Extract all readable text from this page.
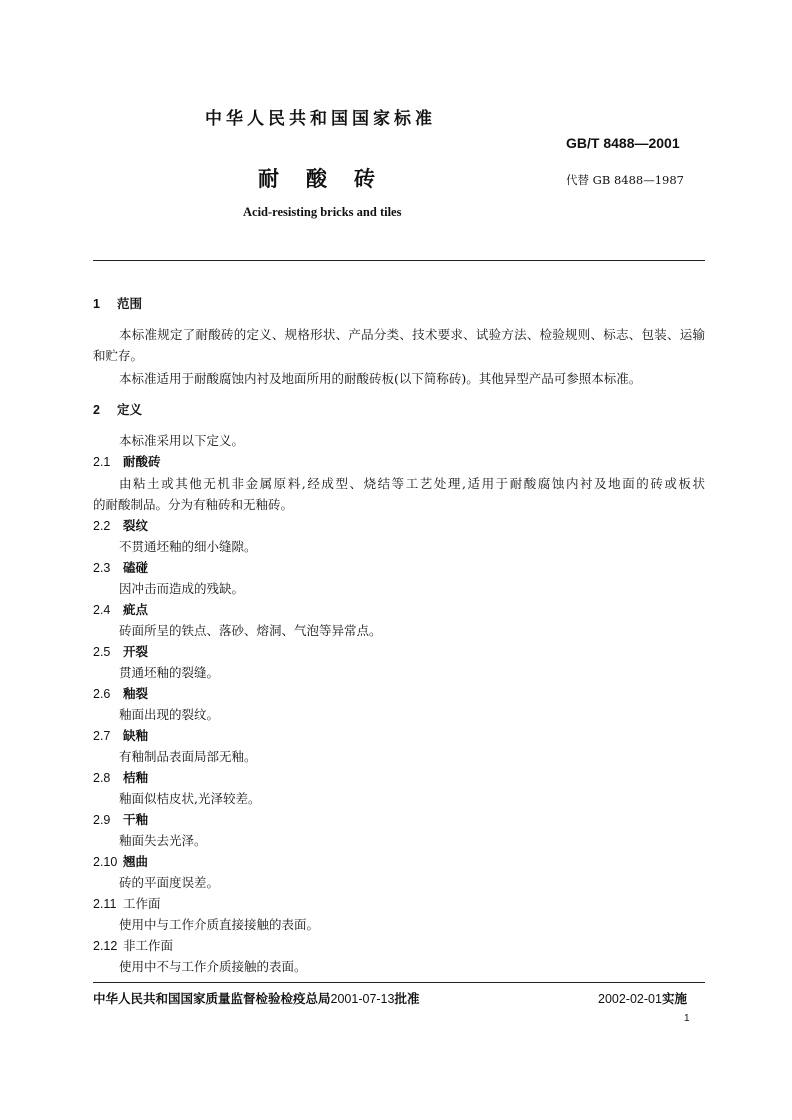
中华人民共和国国家标准
GB/T 8488—2001
耐酸砖	代替 GB 8488—1987
Acid-resisting bricks and tiles
1 范围
本标准规定了耐酸砖的定义、规格形状、产品分类、技术要求、试验方法、检验规则、标志、包装、运输
和贮存。
本标准适用于耐酸腐蚀内衬及地面所用的耐酸砖板(以下简称砖)。其他异型产品可参照本标准。
2 定义
本标准采用以下定义。
2.1 耐酸砖
由粘土或其他无机非金属原料,经成型、烧结等工艺处理,适用于耐酸腐蚀内衬及地面的砖或板状
的耐酸制品。分为有釉砖和无釉砖。
2.2 裂纹
不贯通坯釉的细小缝隙。
2.3 磕碰
因冲击而造成的残缺。
2.4 疵点
砖面所呈的铁点、落砂、熔洞、气泡等异常点。
2.5 开裂
贯通坯釉的裂缝。
2.6 釉裂
釉面出现的裂纹。
2.7 缺釉
有釉制品表面局部无釉。
2.8 桔釉
釉面似桔皮状,光泽较差。
2.9 干釉
釉面失去光泽。
2.10 翘曲
砖的平面度误差。
2.11 工作面
使用中与工作介质直接接触的表面。
2.12 非工作面
使用中不与工作介质接触的表面。
中华人民共和国国家质量监督检验检疫总局2001-07-13批准	2002-02-01实施
1
